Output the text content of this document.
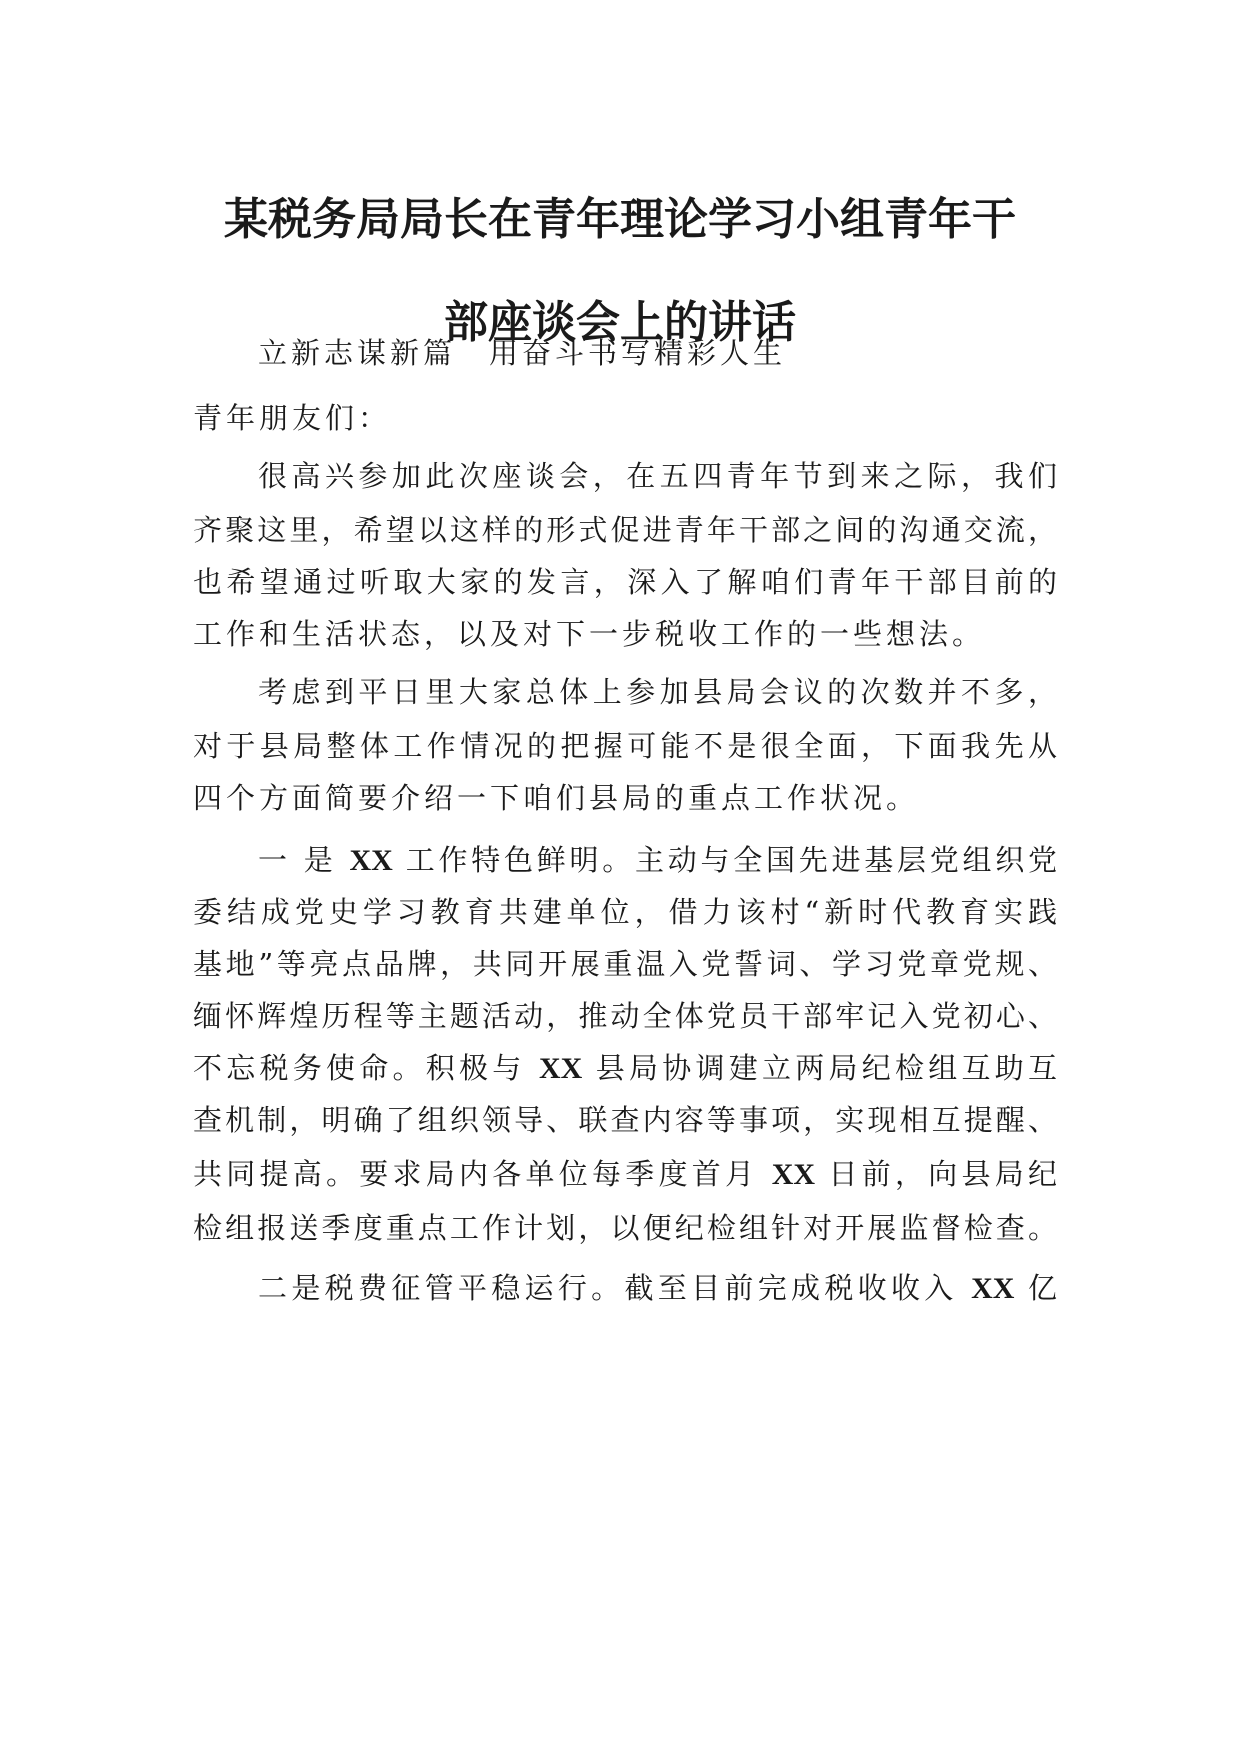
某税务局局长在青年理论学习小组青年干
部座谈会上的讲话

立新志谋新篇　用奋斗书写精彩人生

青年朋友们：

很高兴参加此次座谈会，在五四青年节到来之际，我们

齐聚这里，希望以这样的形式促进青年干部之间的沟通交流，

也希望通过听取大家的发言，深入了解咱们青年干部目前的

工作和生活状态，以及对下一步税收工作的一些想法。

考虑到平日里大家总体上参加县局会议的次数并不多，

对于县局整体工作情况的把握可能不是很全面，下面我先从

四个方面简要介绍一下咱们县局的重点工作状况。

一 是 XX 工作特色鲜明。主动与全国先进基层党组织党

委结成党史学习教育共建单位，借力该村“新时代教育实践

基地”等亮点品牌，共同开展重温入党誓词、学习党章党规、

缅怀辉煌历程等主题活动，推动全体党员干部牢记入党初心、

不忘税务使命。积极与 XX 县局协调建立两局纪检组互助互

查机制，明确了组织领导、联查内容等事项，实现相互提醒、

共同提高。要求局内各单位每季度首月 XX 日前，向县局纪

检组报送季度重点工作计划，以便纪检组针对开展监督检查。

二是税费征管平稳运行。截至目前完成税收收入 XX 亿
